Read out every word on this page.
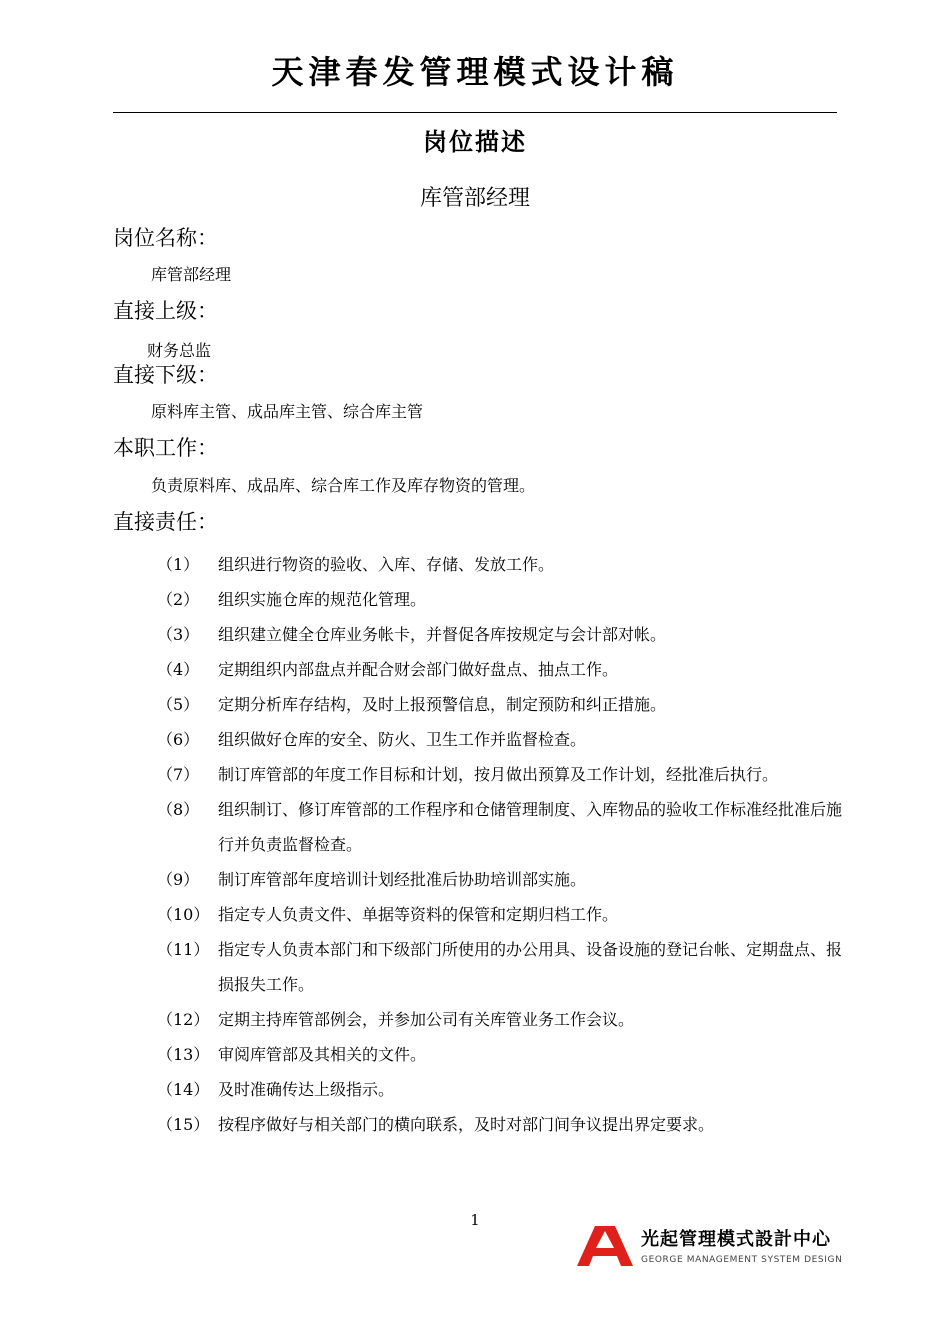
天津春发管理模式设计稿
岗位描述
库管部经理
岗位名称：
库管部经理
直接上级：
财务总监
直接下级：
原料库主管、成品库主管、综合库主管
本职工作：
负责原料库、成品库、综合库工作及库存物资的管理。
直接责任：
（1） 组织进行物资的验收、入库、存储、发放工作。
（2） 组织实施仓库的规范化管理。
（3） 组织建立健全仓库业务帐卡，并督促各库按规定与会计部对帐。
（4） 定期组织内部盘点并配合财会部门做好盘点、抽点工作。
（5） 定期分析库存结构，及时上报预警信息，制定预防和纠正措施。
（6） 组织做好仓库的安全、防火、卫生工作并监督检查。
（7） 制订库管部的年度工作目标和计划，按月做出预算及工作计划，经批准后执行。
（8） 组织制订、修订库管部的工作程序和仓储管理制度、入库物品的验收工作标准经批准后施行并负责监督检查。
（9） 制订库管部年度培训计划经批准后协助培训部实施。
（10） 指定专人负责文件、单据等资料的保管和定期归档工作。
（11） 指定专人负责本部门和下级部门所使用的办公用具、设备设施的登记台帐、定期盘点、报损报失工作。
（12） 定期主持库管部例会，并参加公司有关库管业务工作会议。
（13） 审阅库管部及其相关的文件。
（14） 及时准确传达上级指示。
（15） 按程序做好与相关部门的横向联系，及时对部门间争议提出界定要求。
1
光起管理模式設計中心
GEORGE MANAGEMENT SYSTEM DESIGN
